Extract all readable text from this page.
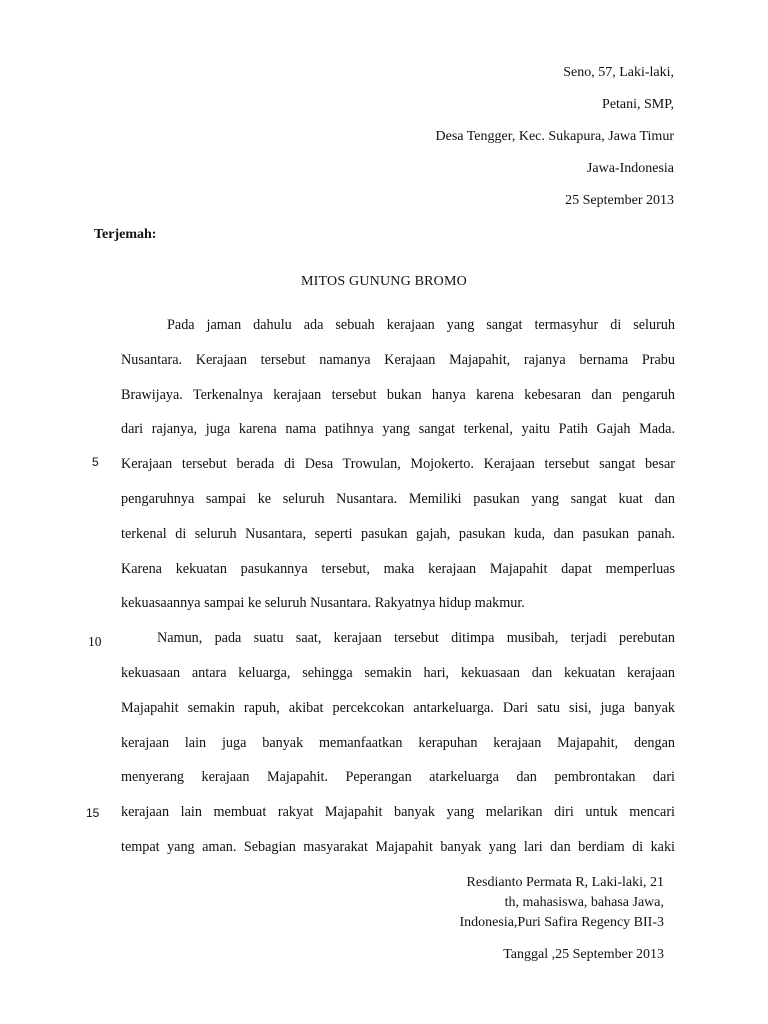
Seno, 57, Laki-laki,
Petani, SMP,
Desa Tengger, Kec. Sukapura, Jawa Timur
Jawa-Indonesia
25 September 2013
Terjemah:
MITOS GUNUNG BROMO
Pada jaman dahulu ada sebuah kerajaan yang sangat termasyhur di seluruh
Nusantara. Kerajaan tersebut namanya Kerajaan Majapahit, rajanya bernama Prabu
Brawijaya. Terkenalnya kerajaan tersebut bukan hanya karena kebesaran dan pengaruh
dari rajanya, juga karena nama patihnya yang sangat terkenal, yaitu Patih Gajah Mada.
Kerajaan tersebut berada di Desa Trowulan, Mojokerto. Kerajaan tersebut sangat besar
pengaruhnya sampai ke seluruh Nusantara. Memiliki pasukan yang sangat kuat dan
terkenal di seluruh Nusantara, seperti pasukan gajah, pasukan kuda, dan pasukan panah.
Karena kekuatan pasukannya tersebut, maka kerajaan Majapahit dapat memperluas
kekuasaannya sampai ke seluruh Nusantara. Rakyatnya hidup makmur.
Namun, pada suatu saat, kerajaan tersebut ditimpa musibah, terjadi perebutan
kekuasaan antara keluarga, sehingga semakin hari, kekuasaan dan kekuatan kerajaan
Majapahit semakin rapuh, akibat percekcokan antarkeluarga. Dari satu sisi, juga banyak
kerajaan lain juga banyak memanfaatkan kerapuhan kerajaan Majapahit, dengan
menyerang kerajaan Majapahit. Peperangan atarkeluarga dan pembrontakan dari
kerajaan lain membuat rakyat Majapahit banyak yang melarikan diri untuk mencari
tempat yang aman. Sebagian masyarakat Majapahit banyak yang lari dan berdiam di kaki
5
10
15
Resdianto Permata R, Laki-laki, 21
th, mahasiswa, bahasa Jawa,
Indonesia,Puri Safira Regency BII-3
Tanggal ,25 September 2013
